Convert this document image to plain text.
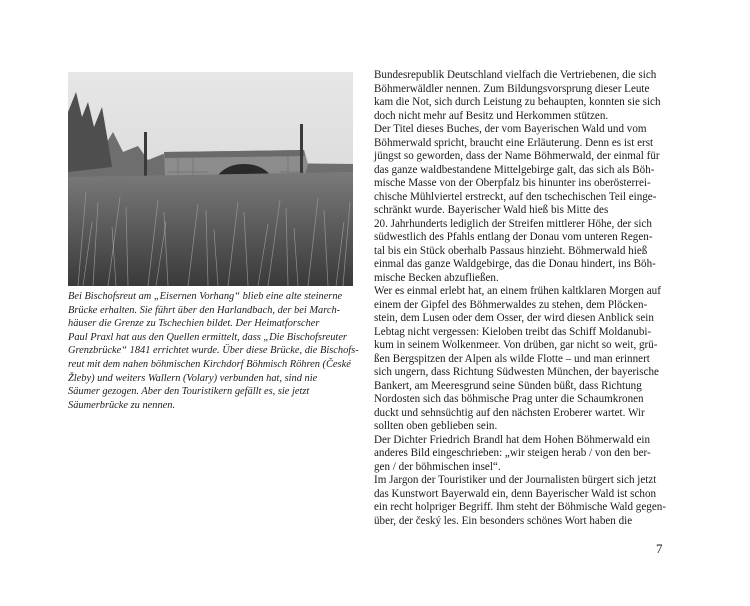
Bei Bischofsreut am „Eisernen Vorhang“ blieb eine alte steinerne
Brücke erhalten. Sie führt über den Harlandbach, der bei March-
häuser die Grenze zu Tschechien bildet. Der Heimatforscher
Paul Praxl hat aus den Quellen ermittelt, dass „Die Bischofsreuter
Grenzbrücke“ 1841 errichtet wurde. Über diese Brücke, die Bischofs-
reut mit dem nahen böhmischen Kirchdorf Böhmisch Röhren (České
Žleby) und weiters Wallern (Volary) verbunden hat, sind nie
Säumer gezogen. Aber den Touristikern gefällt es, sie jetzt
Säumerbrücke zu nennen.
Bundesrepublik Deutschland vielfach die Vertriebenen, die sich
Böhmerwäldler nennen. Zum Bildungsvorsprung dieser Leute
kam die Not, sich durch Leistung zu behaupten, konnten sie sich
doch nicht mehr auf Besitz und Herkommen stützen.
Der Titel dieses Buches, der vom Bayerischen Wald und vom
Böhmerwald spricht, braucht eine Erläuterung. Denn es ist erst
jüngst so geworden, dass der Name Böhmerwald, der einmal für
das ganze waldbestandene Mittelgebirge galt, das sich als Böh-
mische Masse von der Oberpfalz bis hinunter ins oberösterrei-
chische Mühlviertel erstreckt, auf den tschechischen Teil einge-
schränkt wurde. Bayerischer Wald hieß bis Mitte des
20. Jahrhunderts lediglich der Streifen mittlerer Höhe, der sich
südwestlich des Pfahls entlang der Donau vom unteren Regen-
tal bis ein Stück oberhalb Passaus hinzieht. Böhmerwald hieß
einmal das ganze Waldgebirge, das die Donau hindert, ins Böh-
mische Becken abzufließen.
Wer es einmal erlebt hat, an einem frühen kaltklaren Morgen auf
einem der Gipfel des Böhmerwaldes zu stehen, dem Plöcken-
stein, dem Lusen oder dem Osser, der wird diesen Anblick sein
Lebtag nicht vergessen: Kieloben treibt das Schiff Moldanubi-
kum in seinem Wolkenmeer. Von drüben, gar nicht so weit, grü-
ßen Bergspitzen der Alpen als wilde Flotte – und man erinnert
sich ungern, dass Richtung Südwesten München, der bayerische
Bankert, am Meeresgrund seine Sünden büßt, dass Richtung
Nordosten sich das böhmische Prag unter die Schaumkronen
duckt und sehnsüchtig auf den nächsten Eroberer wartet. Wir
sollten oben geblieben sein.
Der Dichter Friedrich Brandl hat dem Hohen Böhmerwald ein
anderes Bild eingeschrieben: „wir steigen herab / von den ber-
gen / der böhmischen insel“.
Im Jargon der Touristiker und der Journalisten bürgert sich jetzt
das Kunstwort Bayerwald ein, denn Bayerischer Wald ist schon
ein recht holpriger Begriff. Ihm steht der Böhmische Wald gegen-
über, der český les. Ein besonders schönes Wort haben die
7
